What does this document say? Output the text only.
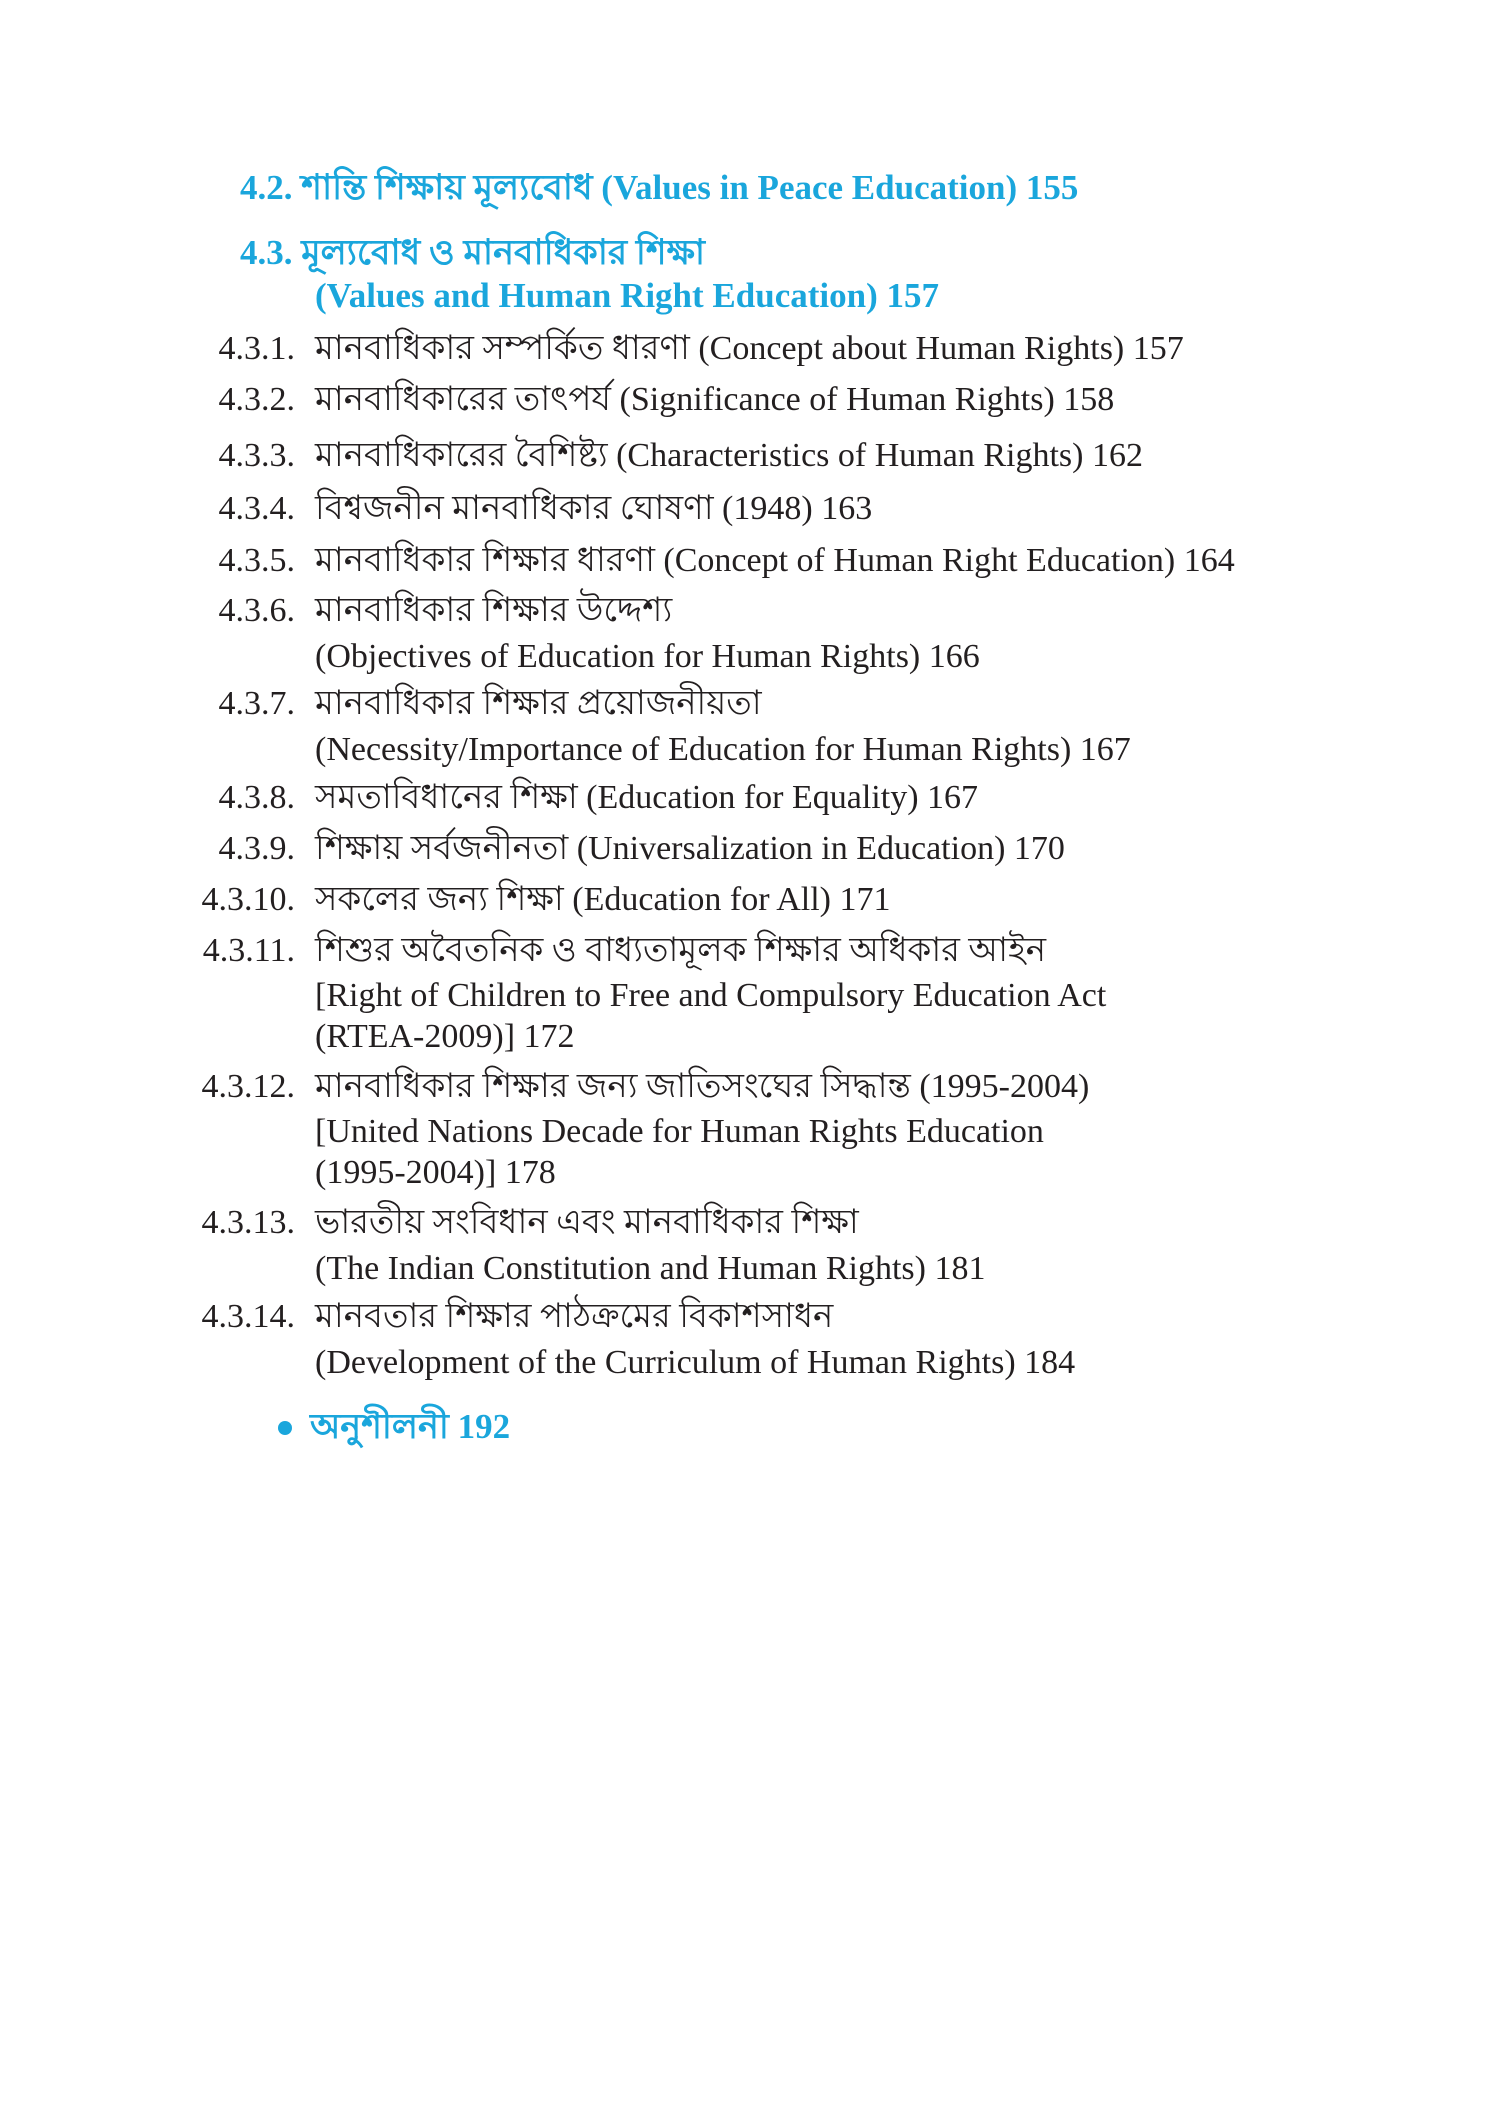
4.2. শান্তি শিক্ষায় মূল্যবোধ (Values in Peace Education) 155
4.3. মূল্যবোধ ও মানবাধিকার শিক্ষা
(Values and Human Right Education) 157
4.3.1. মানবাধিকার সম্পর্কিত ধারণা (Concept about Human Rights) 157
4.3.2. মানবাধিকারের তাৎপর্য (Significance of Human Rights) 158
4.3.3. মানবাধিকারের বৈশিষ্ট্য (Characteristics of Human Rights) 162
4.3.4. বিশ্বজনীন মানবাধিকার ঘোষণা (1948) 163
4.3.5. মানবাধিকার শিক্ষার ধারণা (Concept of Human Right Education) 164
4.3.6. মানবাধিকার শিক্ষার উদ্দেশ্য
(Objectives of Education for Human Rights) 166
4.3.7. মানবাধিকার শিক্ষার প্রয়োজনীয়তা
(Necessity/Importance of Education for Human Rights) 167
4.3.8. সমতাবিধানের শিক্ষা (Education for Equality) 167
4.3.9. শিক্ষায় সর্বজনীনতা (Universalization in Education) 170
4.3.10. সকলের জন্য শিক্ষা (Education for All) 171
4.3.11. শিশুর অবৈতনিক ও বাধ্যতামূলক শিক্ষার অধিকার আইন
[Right of Children to Free and Compulsory Education Act
(RTEA-2009)] 172
4.3.12. মানবাধিকার শিক্ষার জন্য জাতিসংঘের সিদ্ধান্ত (1995-2004)
[United Nations Decade for Human Rights Education
(1995-2004)] 178
4.3.13. ভারতীয় সংবিধান এবং মানবাধিকার শিক্ষা
(The Indian Constitution and Human Rights) 181
4.3.14. মানবতার শিক্ষার পাঠক্রমের বিকাশসাধন
(Development of the Curriculum of Human Rights) 184
অনুশীলনী 192
